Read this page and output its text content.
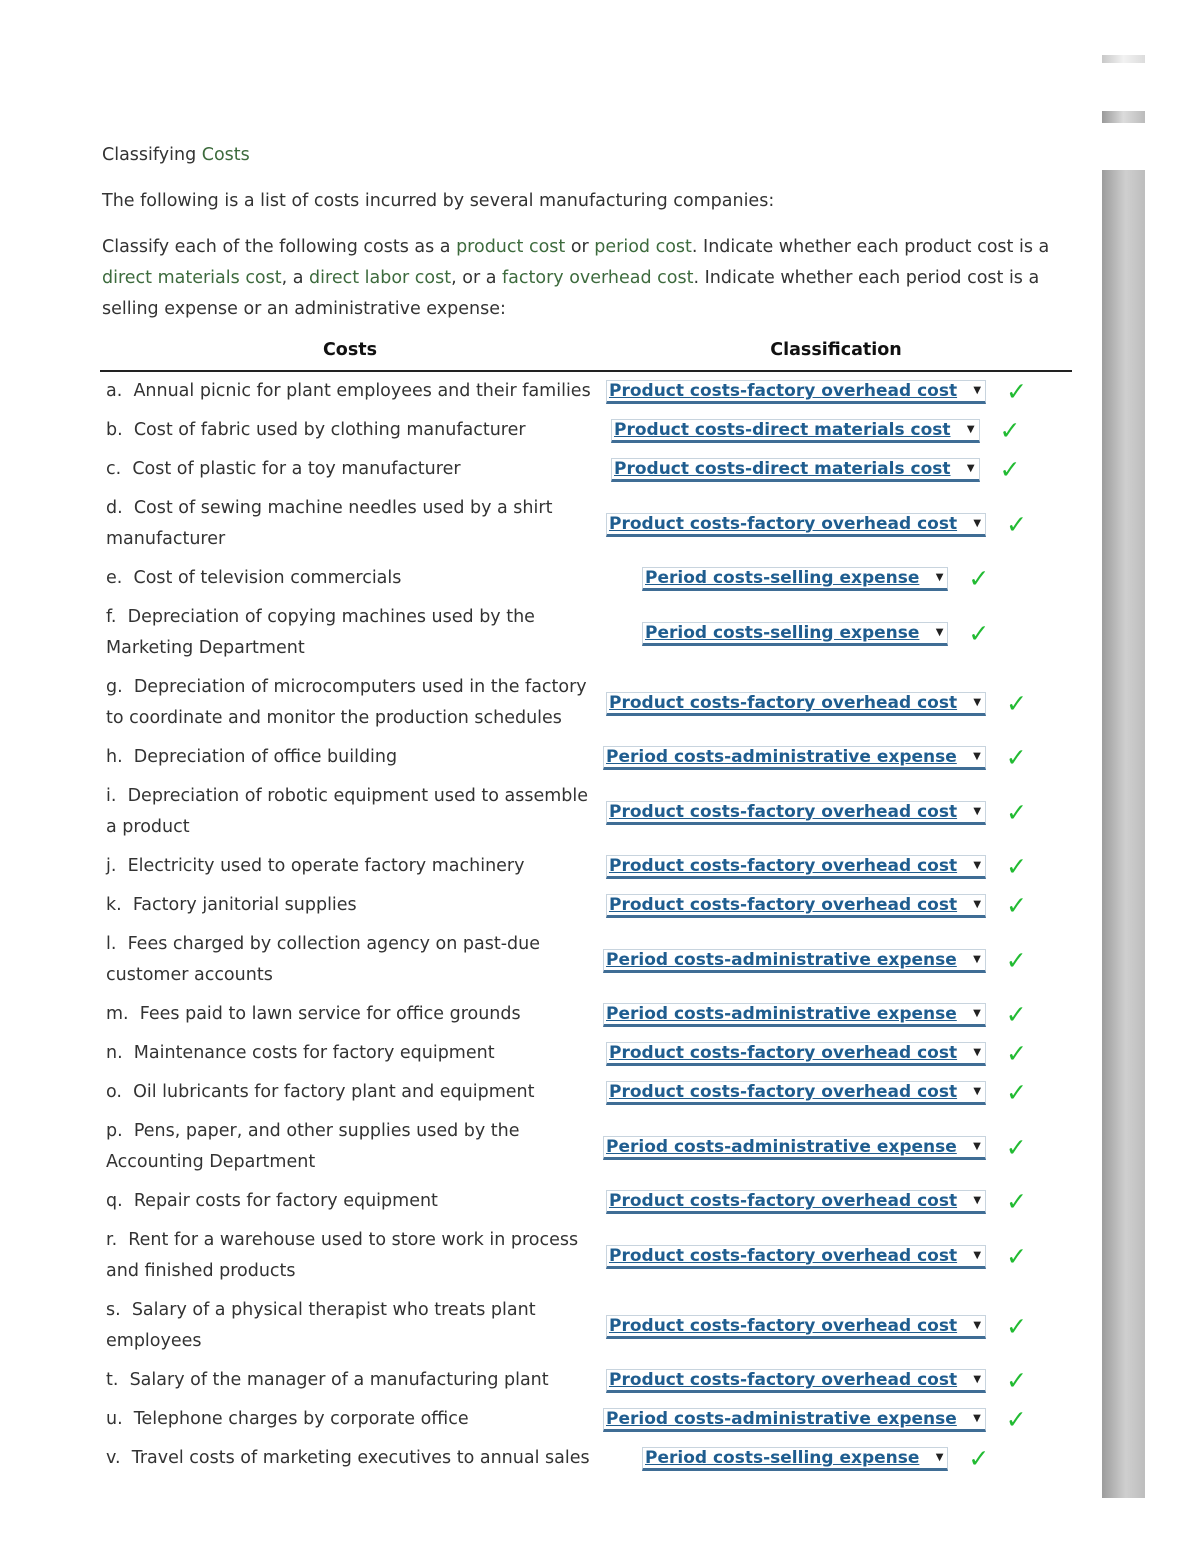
Classifying Costs
The following is a list of costs incurred by several manufacturing companies:
Classify each of the following costs as a product cost or period cost. Indicate whether each product cost is a direct materials cost, a direct labor cost, or a factory overhead cost. Indicate whether each period cost is a selling expense or an administrative expense:
Costs	Classification
a. Annual picnic for plant employees and their families	Product costs-factory overhead cost ▼ ✓

b. Cost of fabric used by clothing manufacturer	Product costs-direct materials cost ▼ ✓

c. Cost of plastic for a toy manufacturer	Product costs-direct materials cost ▼ ✓

d. Cost of sewing machine needles used by a shirt manufacturer	Product costs-factory overhead cost ▼ ✓

e. Cost of television commercials	Period costs-selling expense ▼ ✓

f. Depreciation of copying machines used by the Marketing Department	Period costs-selling expense ▼ ✓

g. Depreciation of microcomputers used in the factory to coordinate and monitor the production schedules	Product costs-factory overhead cost ▼ ✓

h. Depreciation of office building	Period costs-administrative expense ▼ ✓

i. Depreciation of robotic equipment used to assemble a product	Product costs-factory overhead cost ▼ ✓

j. Electricity used to operate factory machinery	Product costs-factory overhead cost ▼ ✓

k. Factory janitorial supplies	Product costs-factory overhead cost ▼ ✓

l. Fees charged by collection agency on past-due customer accounts	Period costs-administrative expense ▼ ✓

m. Fees paid to lawn service for office grounds	Period costs-administrative expense ▼ ✓

n. Maintenance costs for factory equipment	Product costs-factory overhead cost ▼ ✓

o. Oil lubricants for factory plant and equipment	Product costs-factory overhead cost ▼ ✓

p. Pens, paper, and other supplies used by the Accounting Department	Period costs-administrative expense ▼ ✓

q. Repair costs for factory equipment	Product costs-factory overhead cost ▼ ✓

r. Rent for a warehouse used to store work in process and finished products	Product costs-factory overhead cost ▼ ✓

s. Salary of a physical therapist who treats plant employees	Product costs-factory overhead cost ▼ ✓

t. Salary of the manager of a manufacturing plant	Product costs-factory overhead cost ▼ ✓

u. Telephone charges by corporate office	Period costs-administrative expense ▼ ✓

v. Travel costs of marketing executives to annual sales	Period costs-selling expense ▼ ✓
